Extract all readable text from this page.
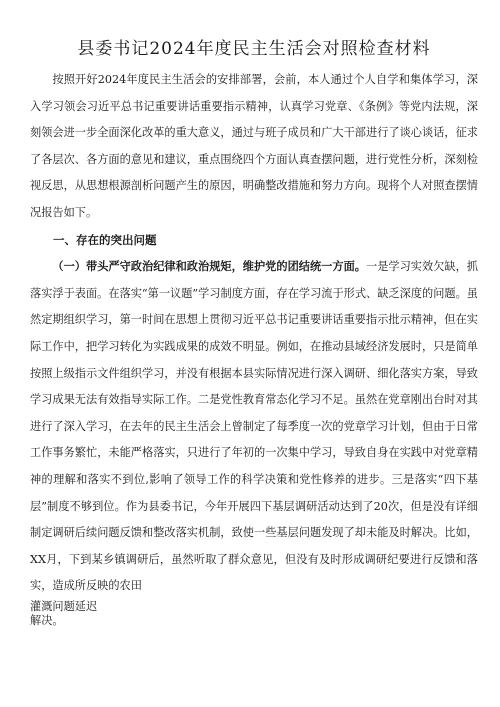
县委书记2024年度民主生活会对照检查材料

按照开好2024年度民主生活会的安排部署，会前，本人通过个人自学和集体学习，深入学习领会习近平总书记重要讲话重要指示精神，认真学习党章、《条例》等党内法规，深刻领会进一步全面深化改革的重大意义，通过与班子成员和广大干部进行了谈心谈话，征求了各层次、各方面的意见和建议，重点围绕四个方面认真查摆问题，进行党性分析，深刻检视反思，从思想根源剖析问题产生的原因，明确整改措施和努力方向。现将个人对照查摆情况报告如下。

一、存在的突出问题

（一）带头严守政治纪律和政治规矩，维护党的团结统一方面。一是学习实效欠缺，抓落实浮于表面。在落实“第一议题”学习制度方面，存在学习流于形式、缺乏深度的问题。虽然定期组织学习，第一时间在思想上贯彻习近平总书记重要讲话重要指示批示精神，但在实际工作中，把学习转化为实践成果的成效不明显。例如，在推动县域经济发展时，只是简单按照上级指示文件组织学习，并没有根据本县实际情况进行深入调研、细化落实方案，导致学习成果无法有效指导实际工作。二是党性教育常态化学习不足。虽然在党章刚出台时对其进行了深入学习，在去年的民主生活会上曾制定了每季度一次的党章学习计划，但由于日常工作事务繁忙，未能严格落实，只进行了年初的一次集中学习，导致自身在实践中对党章精神的理解和落实不到位,影响了领导工作的科学决策和党性修养的进步。三是落实“四下基层”制度不够到位。作为县委书记，今年开展四下基层调研活动达到了20次，但是没有详细制定调研后续问题反馈和整改落实机制，致使一些基层问题发现了却未能及时解决。比如，XX月，下到某乡镇调研后，虽然听取了群众意见，但没有及时形成调研纪要进行反馈和落实，造成所反映的农田

灌溉问题延迟

解决。
